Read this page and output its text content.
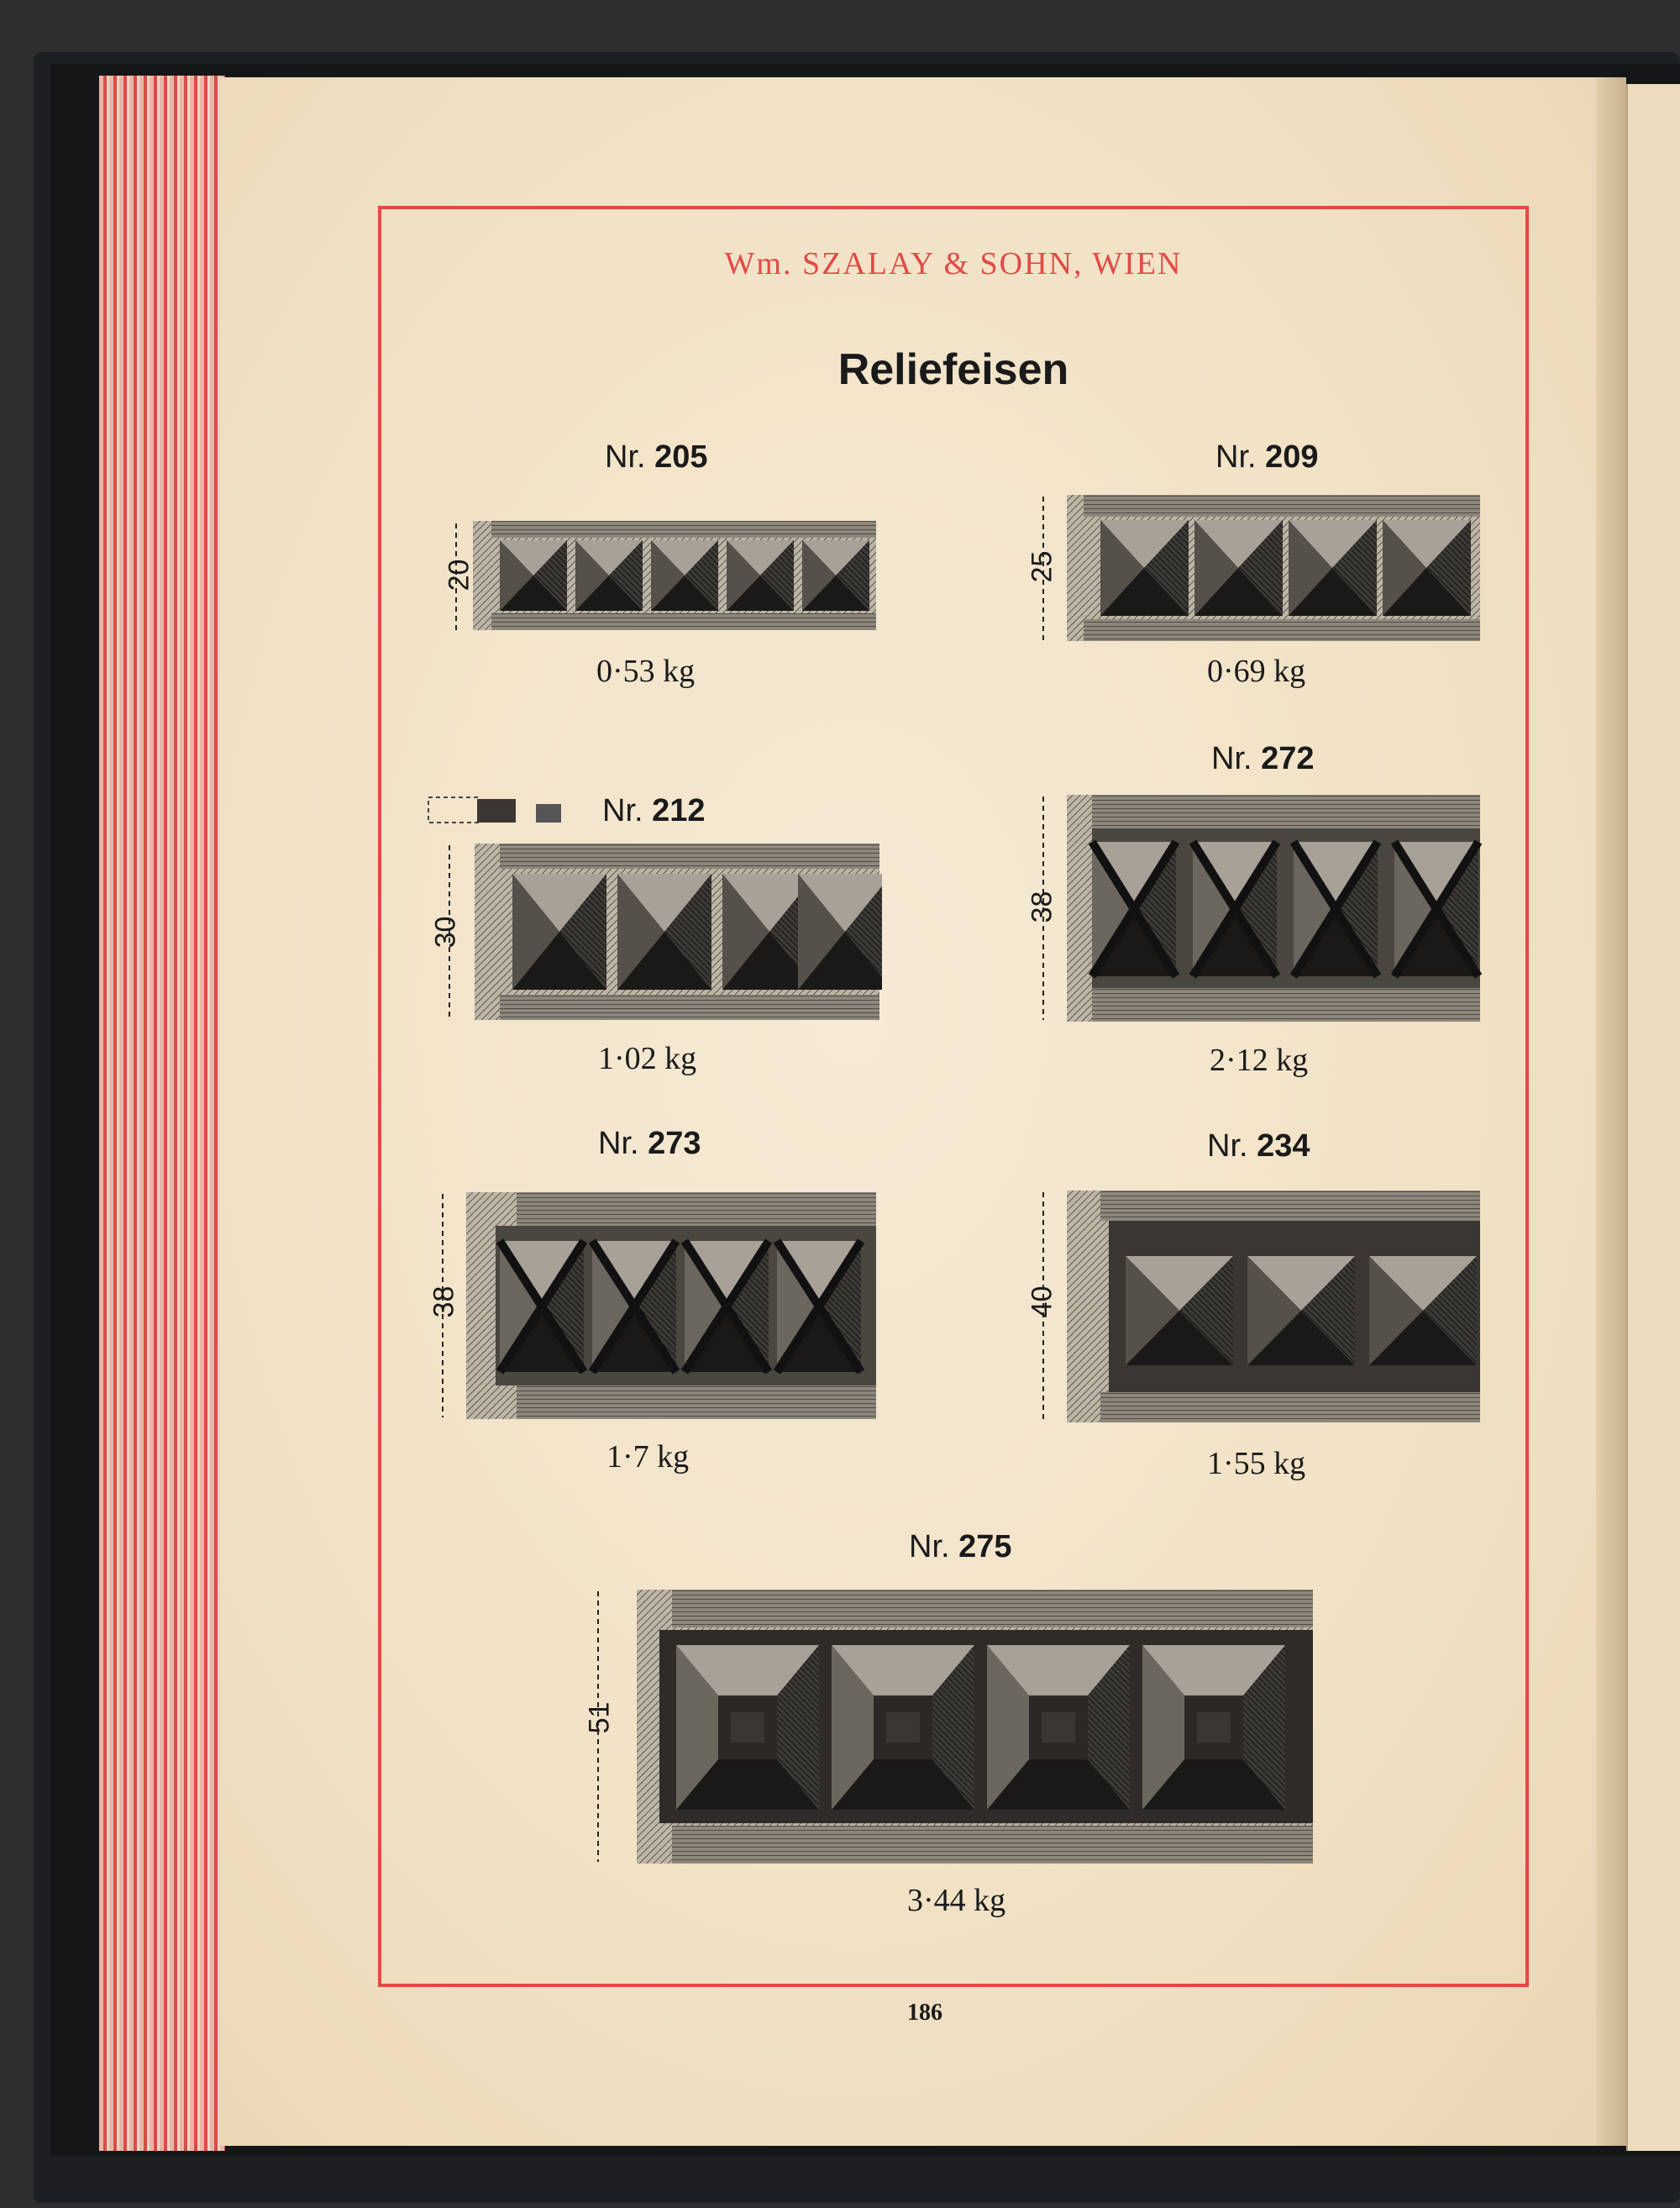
Wm. SZALAY & SOHN, WIEN
Reliefeisen
Nr. 205
20
0·53 kg
Nr. 209
25
0·69 kg
Nr. 272
38
2·12 kg
Nr. 212
30
1·02 kg
Nr. 273
38
1·7 kg
Nr. 234
40
1·55 kg
Nr. 275
51
3·44 kg
186
